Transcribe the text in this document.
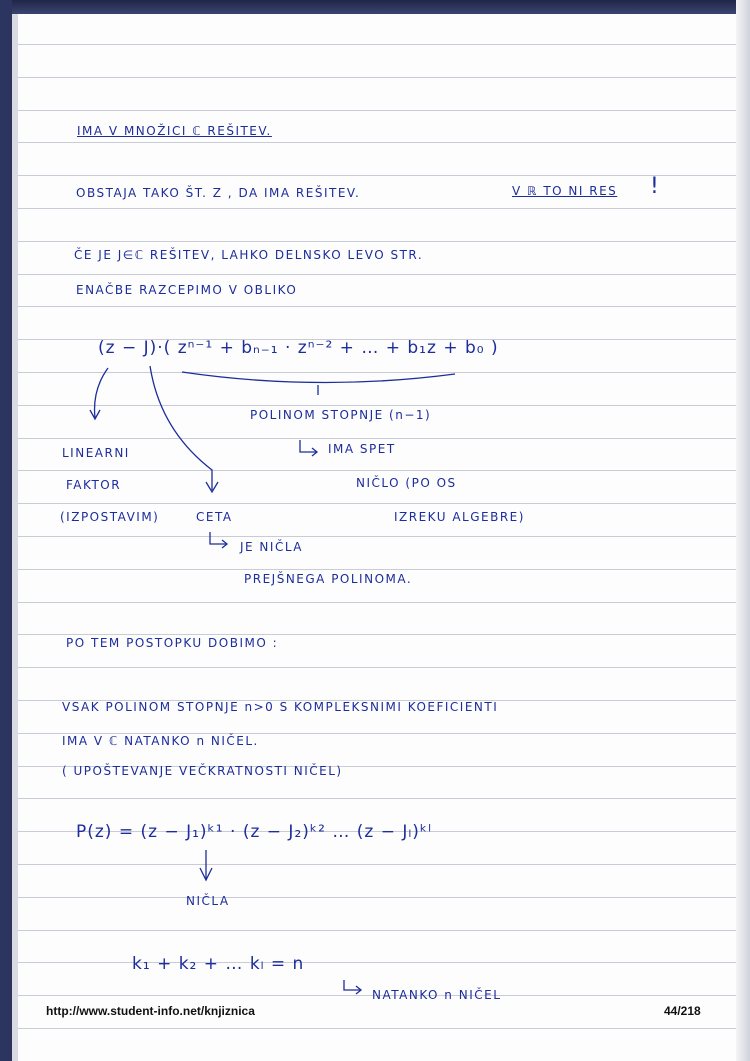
IMA V MNOŽICI ℂ REŠITEV.
OBSTAJA TAKO ŠT. Z , DA IMA REŠITEV.	V ℝ TO NI RES !
ČE JE J∈ℂ REŠITEV, LAHKO DELNSKO LEVO STR.
ENAČBE RAZCEPIMO V OBLIKO
(z − J)·( zⁿ⁻¹ + bₙ₋₁ · zⁿ⁻² + … + b₁z + b₀ )
POLINOM STOPNJE (n−1)
IMA SPET
NIČLO (PO OS
IZREKU ALGEBRE)
LINEARNI
FAKTOR
(IZPOSTAVIM)	CETA
JE NIČLA
PREJŠNEGA POLINOMA.
PO TEM POSTOPKU DOBIMO :
VSAK POLINOM STOPNJE n>0 S KOMPLEKSNIMI KOEFICIENTI
IMA V ℂ NATANKO n NIČEL.
( UPOŠTEVANJE VEČKRATNOSTI NIČEL)
P(z) = (z − J₁)ᵏ¹ · (z − J₂)ᵏ² … (z − Jₗ)ᵏˡ
NIČLA
k₁ + k₂ + … kₗ = n
NATANKO n NIČEL
http://www.student-info.net/knjiznica	44/218
